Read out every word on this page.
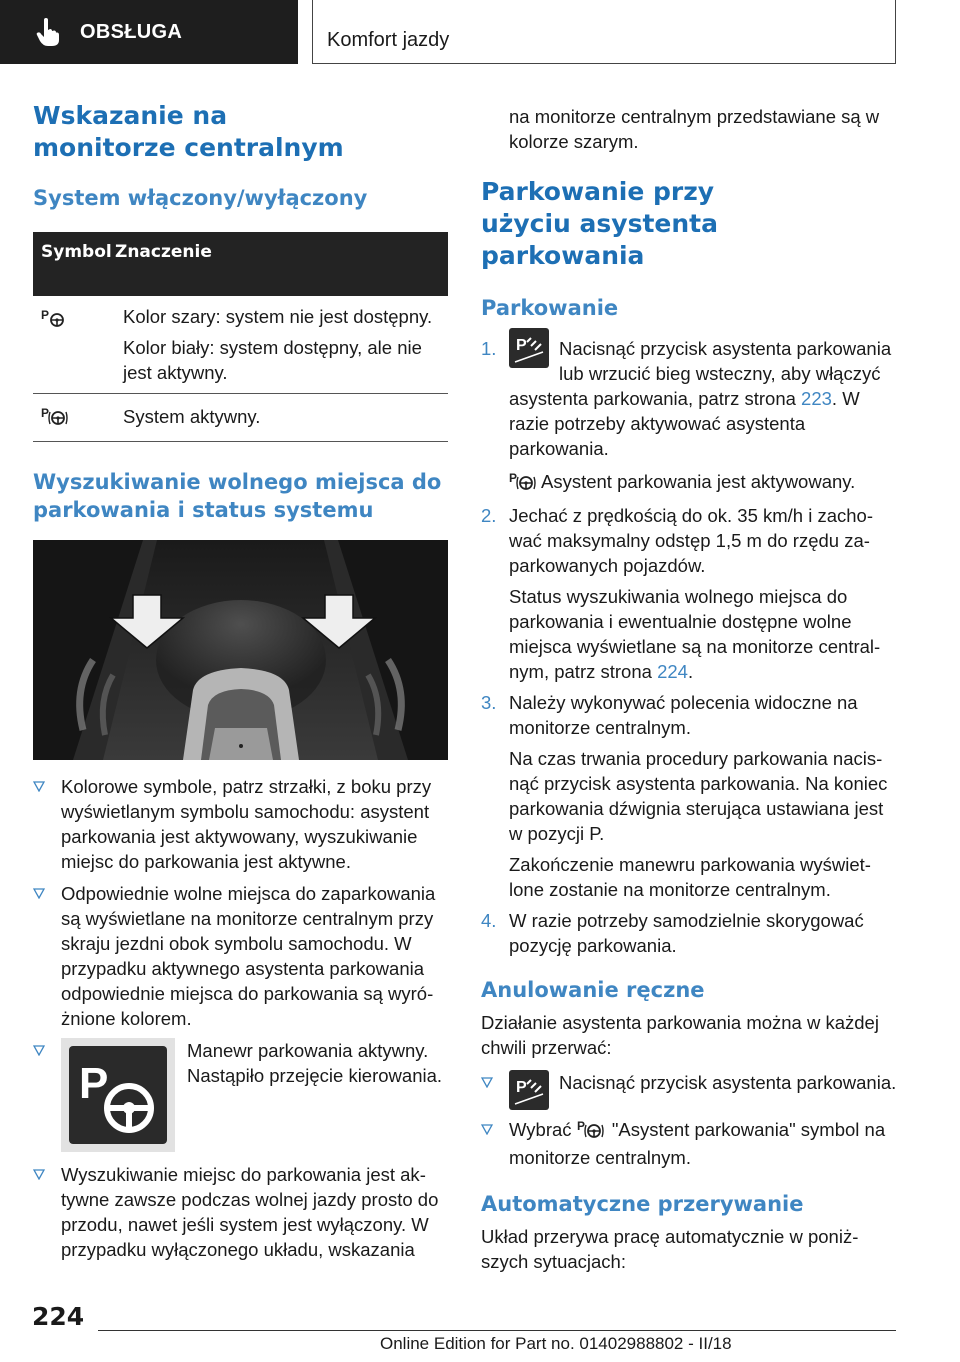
OBSŁUGA	Komfort jazdy
Wskazanie na monitorze centralnym
System włączony/wyłączony
Symbol Znaczenie
P	Kolor szary: system nie jest dostępny.
Kolor biały: system dostępny, ale nie jest aktywny.
P	System aktywny.
Wyszukiwanie wolnego miejsca do parkowania i status systemu
Kolorowe symbole, patrz strzałki, z boku przy wyświetlanym symbolu samochodu: asystent parkowania jest aktywowany, wyszukiwanie miejsc do parkowania jest aktywne.
Odpowiednie wolne miejsca do zaparkowania są wyświetlane na monitorze centralnym przy skraju jezdni obok symbolu samochodu. W przypadku aktywnego asystenta parkowania odpowiednie miejsca do parkowania są wyróżnione kolorem.
P
Manewr parkowania aktywny. Nastąpiło przejęcie kierowania.
Wyszukiwanie miejsc do parkowania jest aktywne zawsze podczas wolnej jazdy prosto do przodu, nawet jeśli system jest wyłączony. W przypadku wyłączonego układu, wskazania
na monitorze centralnym przedstawiane są w kolorze szarym.
Parkowanie przy użyciu asystenta parkowania
Parkowanie
1.	P Nacisnąć przycisk asystenta parkowania lub wrzucić bieg wsteczny, aby włączyć asystenta parkowania, patrz strona 223. W razie potrzeby aktywować asystenta parkowania.
P Asystent parkowania jest aktywowany.
2. Jechać z prędkością do ok. 35 km/h i zachować maksymalny odstęp 1,5 m do rzędu zaparkowanych pojazdów.
Status wyszukiwania wolnego miejsca do parkowania i ewentualnie dostępne wolne miejsca wyświetlane są na monitorze centralnym, patrz strona 224.
3. Należy wykonywać polecenia widoczne na monitorze centralnym.
Na czas trwania procedury parkowania nacisnąć przycisk asystenta parkowania. Na koniec parkowania dźwignia sterująca ustawiana jest w pozycji P.
Zakończenie manewru parkowania wyświetlone zostanie na monitorze centralnym.
4. W razie potrzeby samodzielnie skorygować pozycję parkowania.
Anulowanie ręczne
Działanie asystenta parkowania można w każdej chwili przerwać:
P Nacisnąć przycisk asystenta parkowania.
Wybrać P "Asystent parkowania" symbol na monitorze centralnym.
Automatyczne przerywanie
Układ przerywa pracę automatycznie w poniższych sytuacjach:
224
Online Edition for Part no. 01402988802 - II/18
